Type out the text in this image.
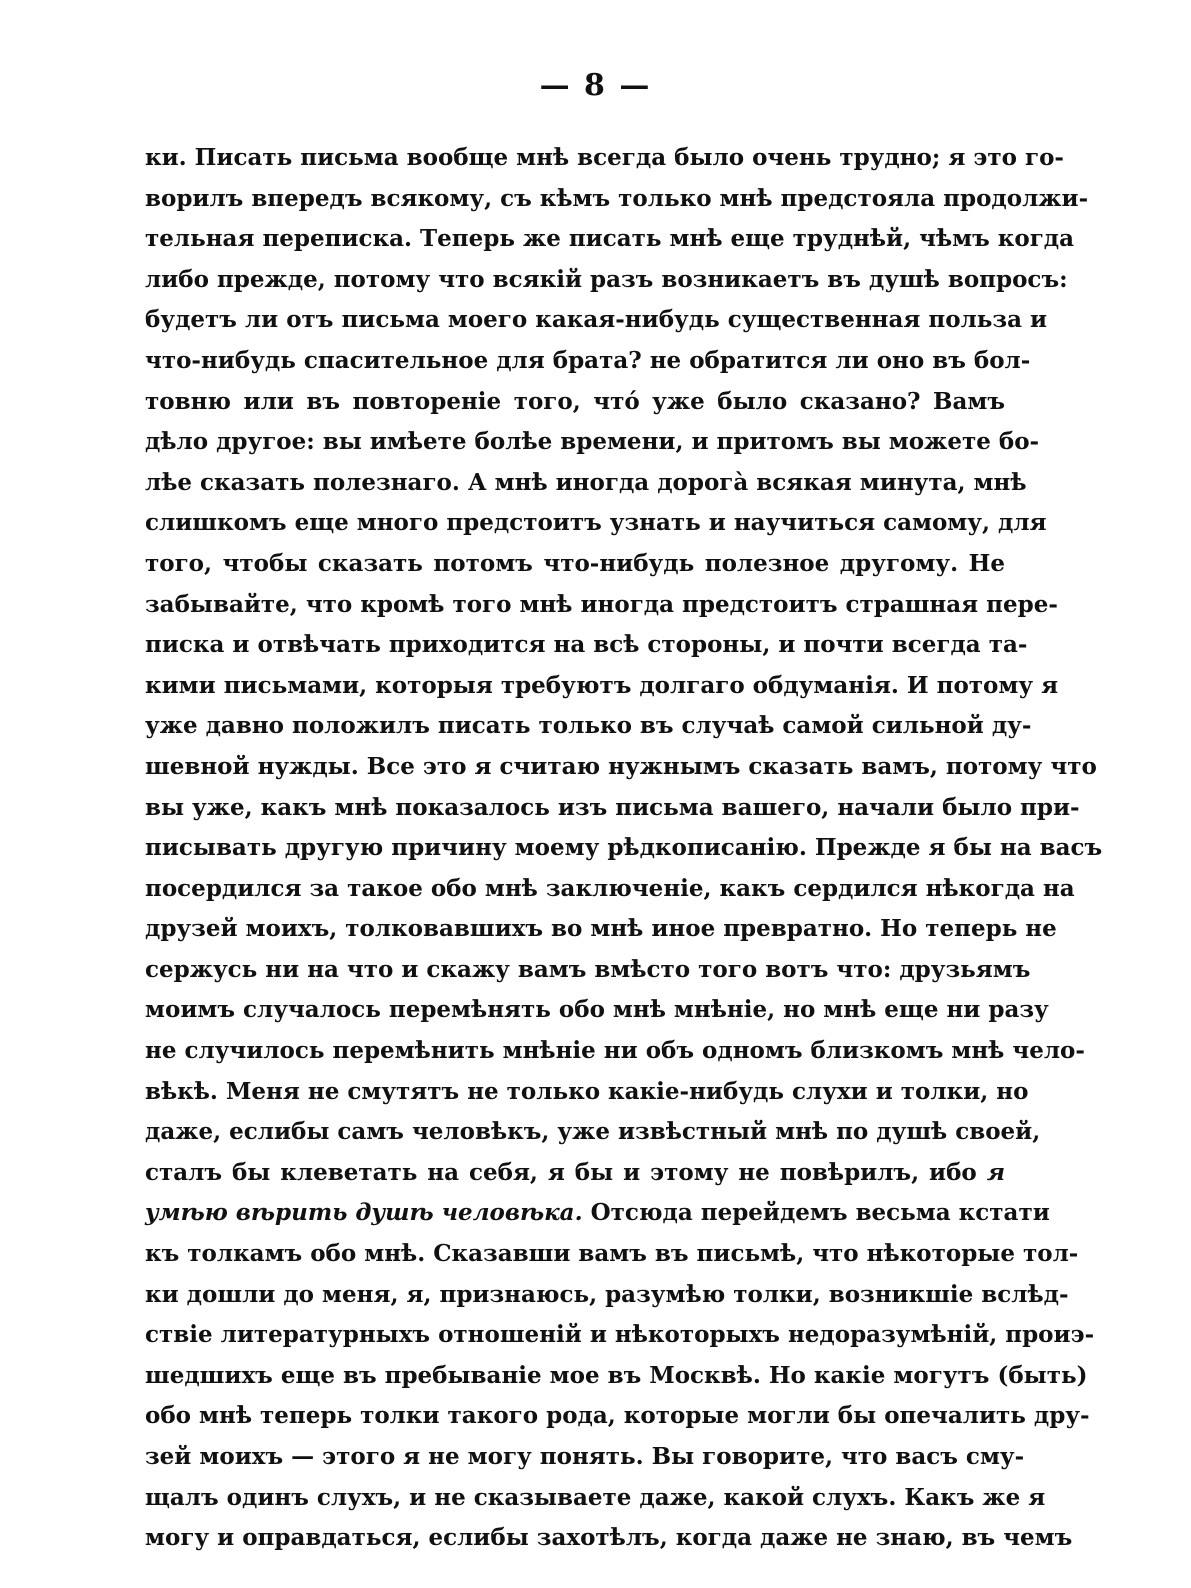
— 8 —
ки. Писать письма вообще мнѣ всегда было очень трудно; я это го-
ворилъ впередъ всякому, съ кѣмъ только мнѣ предстояла продолжи-
тельная переписка. Теперь же писать мнѣ еще труднѣй, чѣмъ когда
либо прежде, потому что всякій разъ возникаетъ въ душѣ вопросъ:
будетъ ли отъ письма моего какая-нибудь существенная польза и
что-нибудь спасительное для брата? не обратится ли оно въ бол-
товню или въ повтореніе того, что́ уже было сказано? Вамъ
дѣло другое: вы имѣете болѣе времени, и притомъ вы можете бо-
лѣе сказать полезнаго. А мнѣ иногда дорога̀ всякая минута, мнѣ
слишкомъ еще много предстоитъ узнать и научиться самому, для
того, чтобы сказать потомъ что-нибудь полезное другому. Не
забывайте, что кромѣ того мнѣ иногда предстоитъ страшная пере-
писка и отвѣчать приходится на всѣ стороны, и почти всегда та-
кими письмами, которыя требуютъ долгаго обдуманія. И потому я
уже давно положилъ писать только въ случаѣ самой сильной ду-
шевной нужды. Все это я считаю нужнымъ сказать вамъ, потому что
вы уже, какъ мнѣ показалось изъ письма вашего, начали было при-
писывать другую причину моему рѣдкописанію. Прежде я бы на васъ
посердился за такое обо мнѣ заключеніе, какъ сердился нѣкогда на
друзей моихъ, толковавшихъ во мнѣ иное превратно. Но теперь не
сержусь ни на что и скажу вамъ вмѣсто того вотъ что: друзьямъ
моимъ случалось перемѣнять обо мнѣ мнѣніе, но мнѣ еще ни разу
не случилось перемѣнить мнѣніе ни объ одномъ близкомъ мнѣ чело-
вѣкѣ. Меня не смутятъ не только какіе-нибудь слухи и толки, но
даже, еслибы самъ человѣкъ, уже извѣстный мнѣ по душѣ своей,
сталъ бы клеветать на себя, я бы и этому не повѣрилъ, ибо я
умѣю вѣрить душѣ человѣка. Отсюда перейдемъ весьма кстати
къ толкамъ обо мнѣ. Сказавши вамъ въ письмѣ, что нѣкоторые тол-
ки дошли до меня, я, признаюсь, разумѣю толки, возникшіе вслѣд-
ствіе литературныхъ отношеній и нѣкоторыхъ недоразумѣній, проиэ-
шедшихъ еще въ пребываніе мое въ Москвѣ. Но какіе могутъ (быть)
обо мнѣ теперь толки такого рода, которые могли бы опечалить дру-
зей моихъ — этого я не могу понять. Вы говорите, что васъ сму-
щалъ одинъ слухъ, и не сказываете даже, какой слухъ. Какъ же я
могу и оправдаться, еслибы захотѣлъ, когда даже не знаю, въ чемъ
